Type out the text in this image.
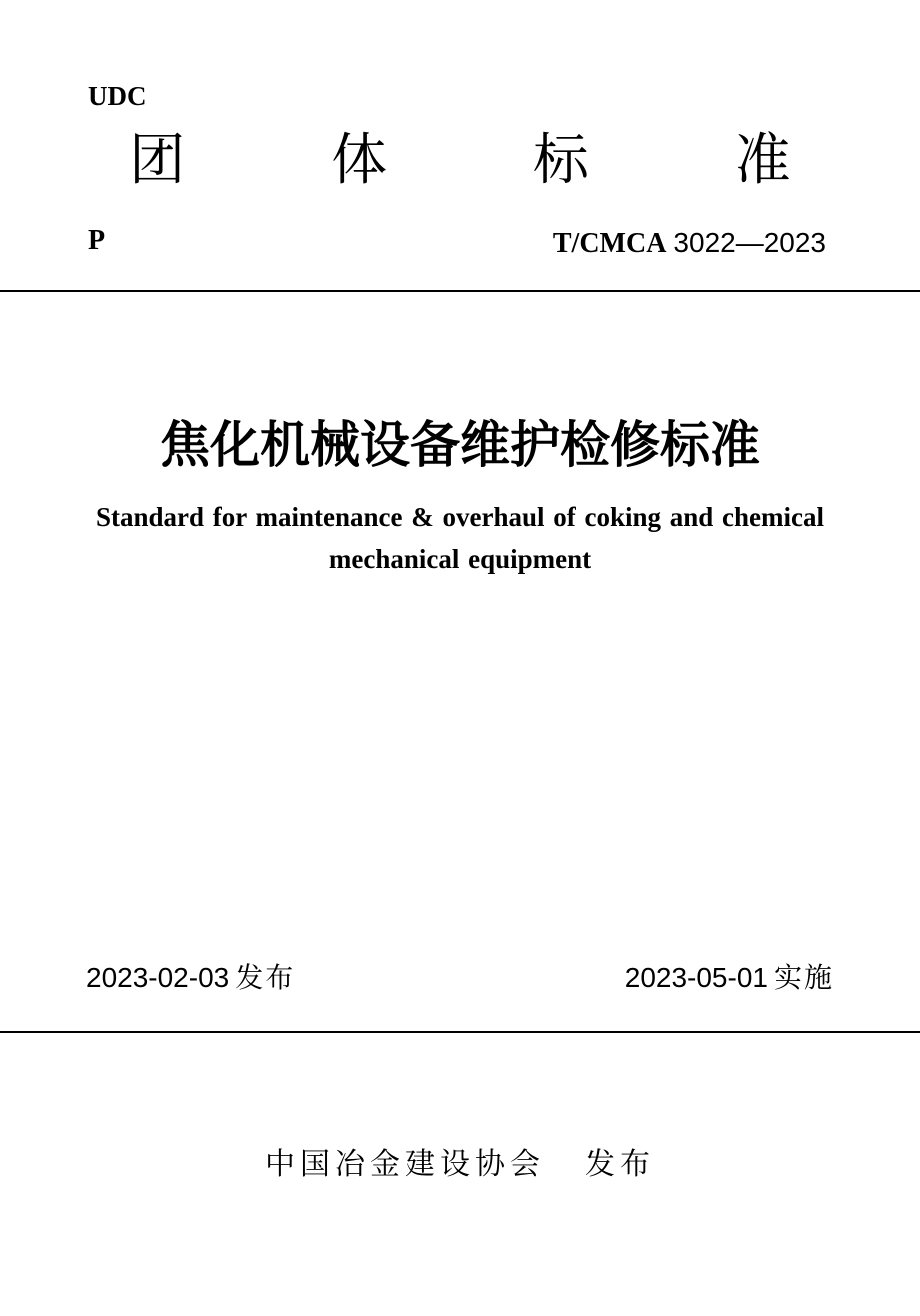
UDC
团 体 标 准
P	T/CMCA 3022—2023
焦化机械设备维护检修标准
Standard for maintenance & overhaul of coking and chemical mechanical equipment
2023-02-03 发布	2023-05-01 实施
中国冶金建设协会 发布
